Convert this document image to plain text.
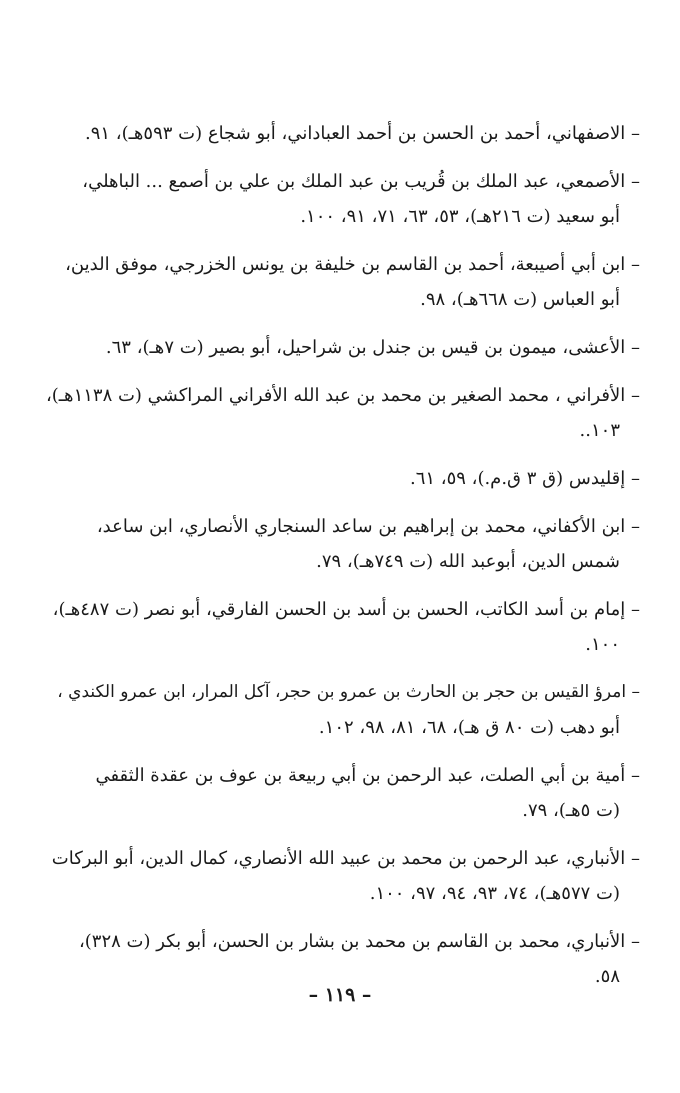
– الاصفهاني، أحمد بن الحسن بن أحمد العباداني، أبو شجاع (ت ٥٩٣هـ)، ٩١.
– الأصمعي، عبد الملك بن قُريب بن عبد الملك بن علي بن أصمع ... الباهلي،
أبو سعيد (ت ٢١٦هـ)، ٥٣، ٦٣، ٧١، ٩١، ١٠٠.
– ابن أبي أصيبعة، أحمد بن القاسم بن خليفة بن يونس الخزرجي، موفق الدين،
أبو العباس (ت ٦٦٨هـ)، ٩٨.
– الأعشى، ميمون بن قيس بن جندل بن شراحيل، أبو بصير (ت ٧هـ)، ٦٣.
– الأفراني ، محمد الصغير بن محمد بن عبد الله الأفراني المراكشي (ت ١١٣٨هـ)،
١٠٣..
– إقليدس (ق ٣ ق.م.)، ٥٩، ٦١.
– ابن الأكفاني، محمد بن إبراهيم بن ساعد السنجاري الأنصاري، ابن ساعد،
شمس الدين، أبوعبد الله (ت ٧٤٩هـ)، ٧٩.
– إمام بن أسد الكاتب، الحسن بن أسد بن الحسن الفارقي، أبو نصر (ت ٤٨٧هـ)،
١٠٠.
– امرؤ القيس بن حجر بن الحارث بن عمرو بن حجر، آكل المرار، ابن عمرو الكندي ،
أبو دهب (ت ٨٠ ق هـ)، ٦٨، ٨١، ٩٨، ١٠٢.
– أمية بن أبي الصلت، عبد الرحمن بن أبي ربيعة بن عوف بن عقدة الثقفي
(ت ٥هـ)، ٧٩.
– الأنباري، عبد الرحمن بن محمد بن عبيد الله الأنصاري، كمال الدين، أبو البركات
(ت ٥٧٧هـ)، ٧٤، ٩٣، ٩٤، ٩٧، ١٠٠.
– الأنباري، محمد بن القاسم بن محمد بن بشار بن الحسن، أبو بكر (ت ٣٢٨)،
٥٨.
– ١١٩ –
